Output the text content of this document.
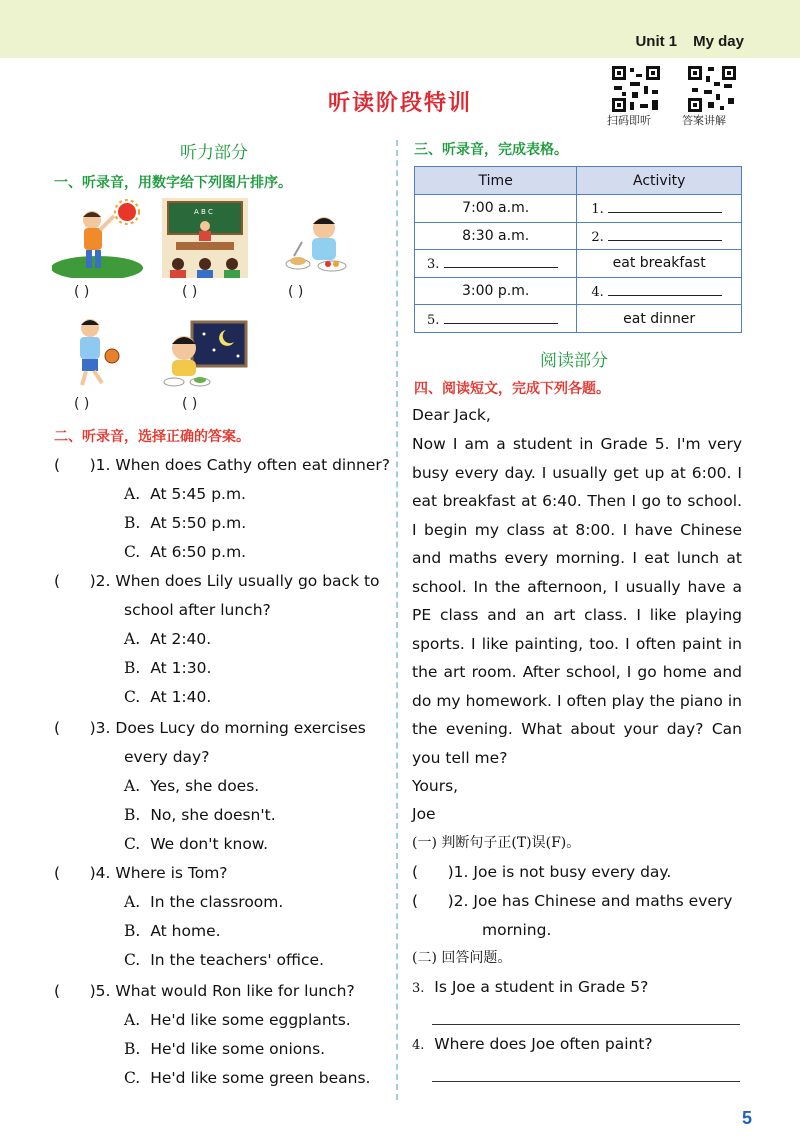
Unit 1 My day
听读阶段特训
扫码即听	答案讲解
听力部分
一、听录音，用数字给下列图片排序。
A B C
( )	( )	( )
( )	( )
二、听录音，选择正确的答案。
(      )1. When does Cathy often eat dinner?
A. At 5:45 p.m.
B. At 5:50 p.m.
C. At 6:50 p.m.
(      )2. When does Lily usually go back to
school after lunch?
A. At 2:40.
B. At 1:30.
C. At 1:40.
(      )3. Does Lucy do morning exercises
every day?
A. Yes, she does.
B. No, she doesn't.
C. We don't know.
(      )4. Where is Tom?
A. In the classroom.
B. At home.
C. In the teachers' office.
(      )5. What would Ron like for lunch?
A. He'd like some eggplants.
B. He'd like some onions.
C. He'd like some green beans.
三、听录音，完成表格。
Time	Activity
7:00 a.m.	1.
8:30 a.m.	2.
3.	eat breakfast
3:00 p.m.	4.
5.	eat dinner
阅读部分
四、阅读短文，完成下列各题。
Dear Jack,
Now I am a student in Grade 5. I'm very busy every day. I usually get up at 6:00. I eat breakfast at 6:40. Then I go to school. I begin my class at 8:00. I have Chinese and maths every morning. I eat lunch at school. In the afternoon, I usually have a PE class and an art class. I like playing sports. I like painting, too. I often paint in the art room. After school, I go home and do my homework. I often play the piano in the evening. What about your day? Can you tell me?
Yours,
Joe
(一) 判断句子正(T)误(F)。
(      )1. Joe is not busy every day.
(      )2. Joe has Chinese and maths every
morning.
(二) 回答问题。
3. Is Joe a student in Grade 5?
4. Where does Joe often paint?
5
